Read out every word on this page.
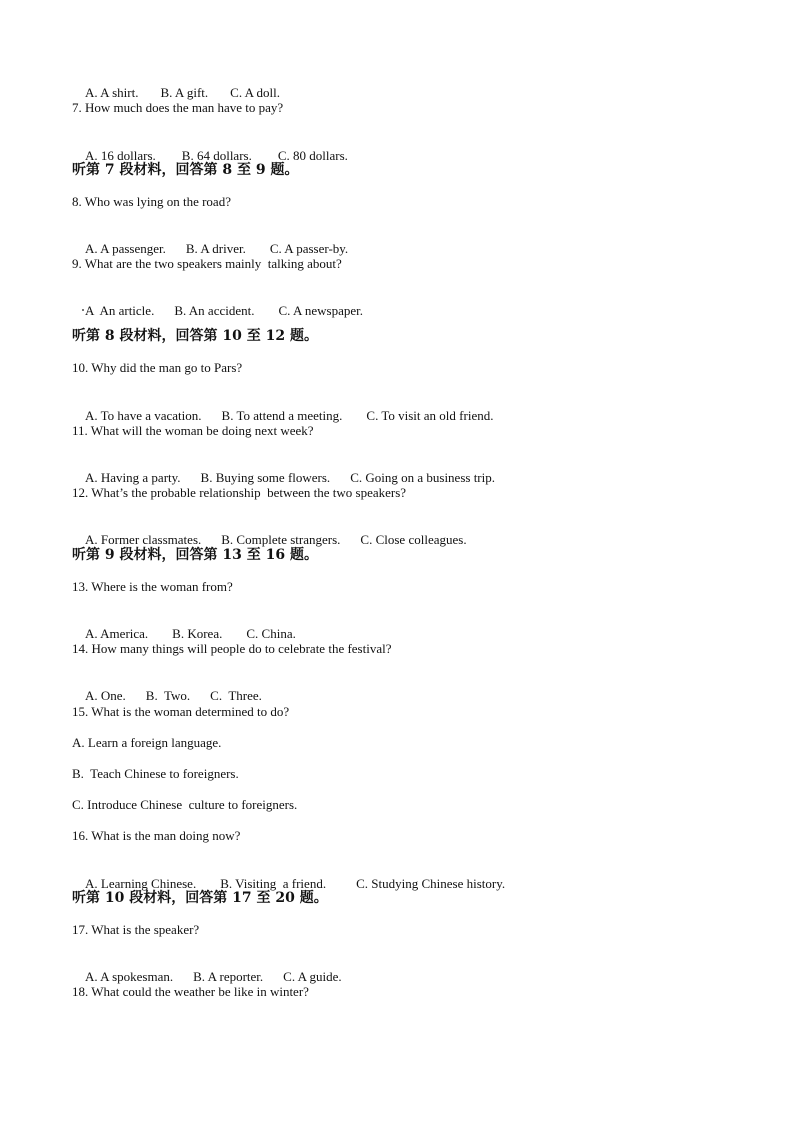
A. A shirt. B. A gift. C. A doll.

7. How much does the man have to pay?

A. 16 dollars. B. 64 dollars. C. 80 dollars.

听第 7 段材料，回答第 8 至 9 题。
8. Who was lying on the road?

A. A passenger. B. A driver. C. A passer-by.

9. What are the two speakers mainly  talking about?

A  An article. B. An accident. C. A newspaper.

听第 8 段材料，回答第 10 至 12 题。
10. Why did the man go to Pars?

A. To have a vacation. B. To attend a meeting. C. To visit an old friend.

11. What will the woman be doing next week?

A. Having a party. B. Buying some flowers. C. Going on a business trip.

12. What’s the probable relationship  between the two speakers?

A. Former classmates. B. Complete strangers. C. Close colleagues.

听第 9 段材料，回答第 13 至 16 题。
13. Where is the woman from?

A. America. B. Korea. C. China.

14. How many things will people do to celebrate the festival?

A. One. B.  Two. C.  Three.

15. What is the woman determined to do?
A. Learn a foreign language.
B.  Teach Chinese to foreigners.
C. Introduce Chinese  culture to foreigners.
16. What is the man doing now?

A. Learning Chinese. B. Visiting  a friend. C. Studying Chinese history.

听第 10 段材料，回答第 17 至 20 题。
17. What is the speaker?

A. A spokesman. B. A reporter. C. A guide.

18. What could the weather be like in winter?
